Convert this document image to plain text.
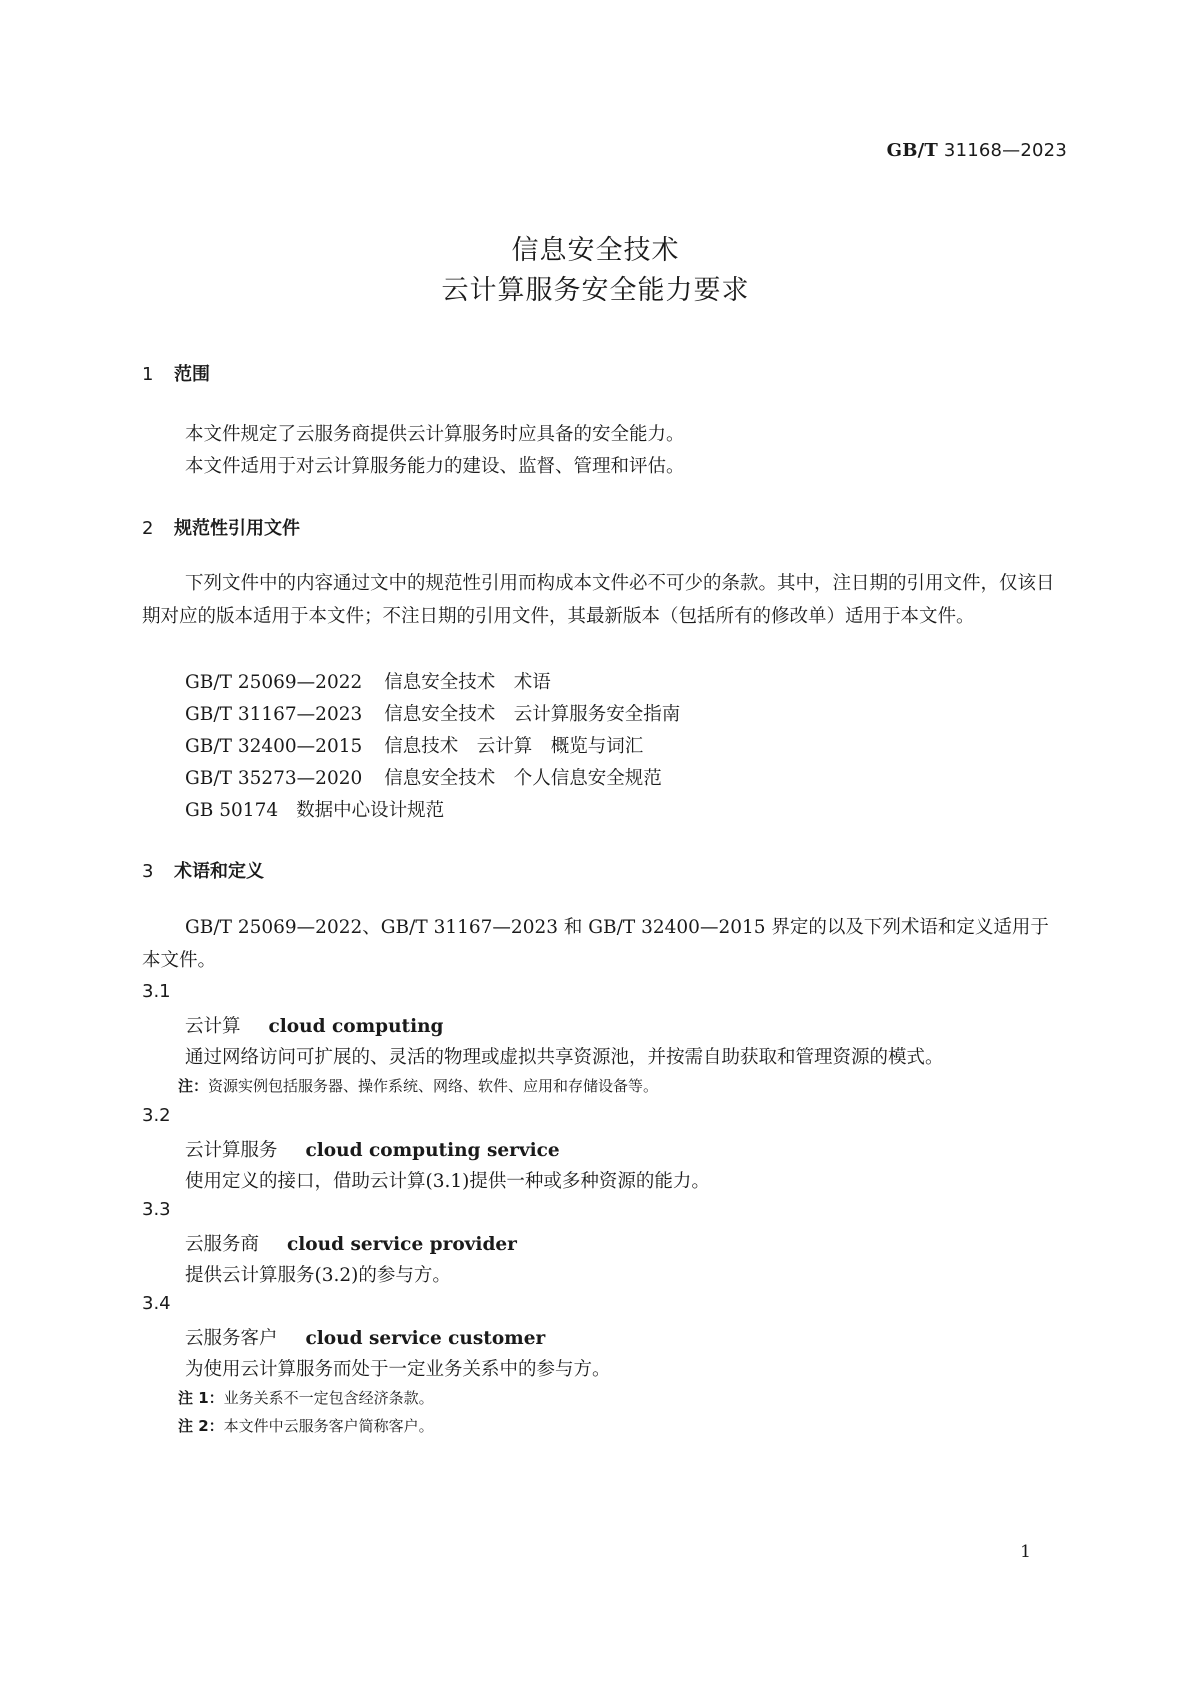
GB/T 31168—2023
信息安全技术
云计算服务安全能力要求
1 范围
本文件规定了云服务商提供云计算服务时应具备的安全能力。
本文件适用于对云计算服务能力的建设、监督、管理和评估。
2 规范性引用文件
下列文件中的内容通过文中的规范性引用而构成本文件必不可少的条款。其中，注日期的引用文件，仅该日期对应的版本适用于本文件；不注日期的引用文件，其最新版本（包括所有的修改单）适用于本文件。
GB/T 25069—2022 信息安全技术　术语
GB/T 31167—2023 信息安全技术　云计算服务安全指南
GB/T 32400—2015 信息技术　云计算　概览与词汇
GB/T 35273—2020 信息安全技术　个人信息安全规范
GB 50174 数据中心设计规范
3 术语和定义
GB/T 25069—2022、GB/T 31167—2023 和 GB/T 32400—2015 界定的以及下列术语和定义适用于本文件。
3.1
云计算 cloud computing
通过网络访问可扩展的、灵活的物理或虚拟共享资源池，并按需自助获取和管理资源的模式。
注：资源实例包括服务器、操作系统、网络、软件、应用和存储设备等。
3.2
云计算服务 cloud computing service
使用定义的接口，借助云计算(3.1)提供一种或多种资源的能力。
3.3
云服务商 cloud service provider
提供云计算服务(3.2)的参与方。
3.4
云服务客户 cloud service customer
为使用云计算服务而处于一定业务关系中的参与方。
注 1：业务关系不一定包含经济条款。
注 2：本文件中云服务客户简称客户。
1
